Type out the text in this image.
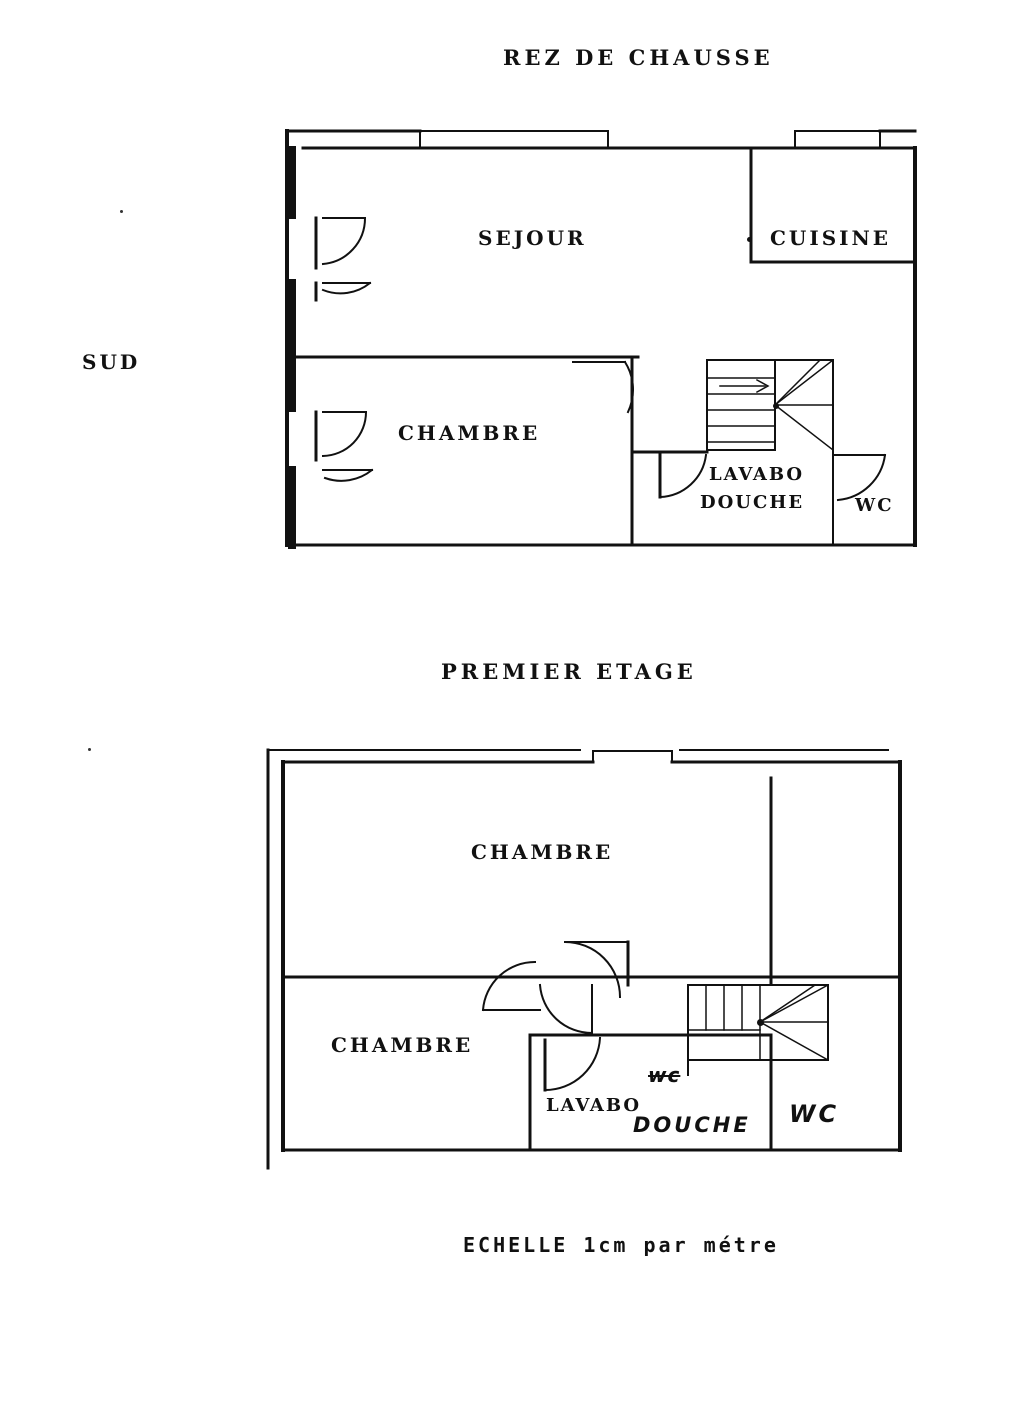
REZ DE CHAUSSE
SUD
SEJOUR	CUISINE
CHAMBRE
LAVABO
DOUCHE	WC
PREMIER ETAGE
CHAMBRE
CHAMBRE
LAVABO
DOUCHE WC
wc
ECHELLE 1cm par métre
